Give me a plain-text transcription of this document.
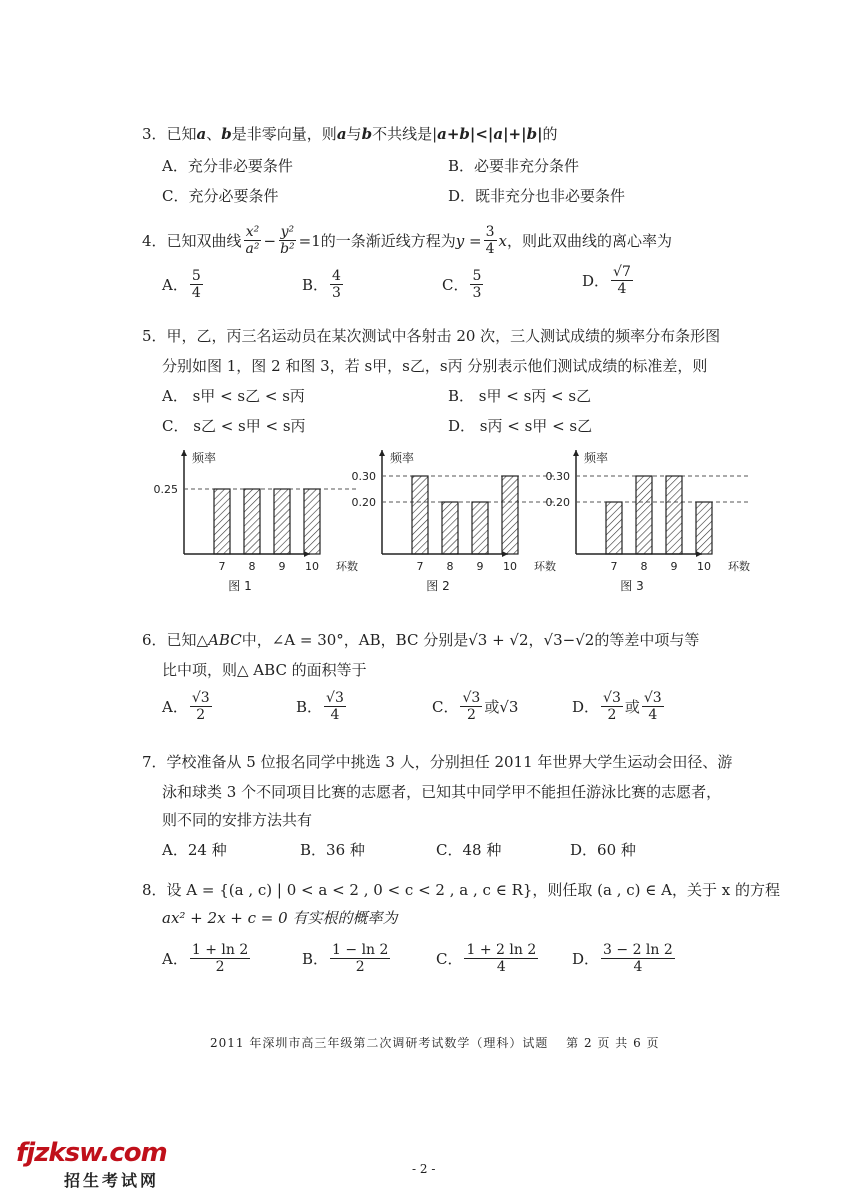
3．已知a、b是非零向量，则a与b不共线是|a+b|<|a|+|b|的
A．充分非必要条件	B．必要非充分条件
C．充分必要条件	D．既非充分也非必要条件
4．已知双曲线 $\frac{\text{x²}}{\text{a²}} - \frac{\text{y²}}{\text{b²}} =1$的一条渐近线方程为 $y = \frac{3}{4}$ x ，则此双曲线的离心率为
A． $\frac{5}{4}$	B． $\frac{4}{3}$	C． $\frac{5}{3}$	D． $\frac{√7}{4}$
5．甲，乙，丙三名运动员在某次测试中各射击 20 次，三人测试成绩的频率分布条形图
分别如图 1，图 2 和图 3，若 s甲，s乙，s丙 分别表示他们测试成绩的标准差，则
A． s甲 < s乙 < s丙	B． s甲 < s丙 < s乙
C． s乙 < s甲 < s丙	D． s丙 < s甲 < s乙
频率
0.25
7 8 9 10 环数
图 1
频率
0.30
0.20
7 8 9 10 环数
图 2
频率
0.30
0.20
7 8 9 10 环数
图 3
6．已知△ABC中，∠A = 30°，AB，BC 分别是√3 + √2，√3−√2的等差中项与等
比中项，则△ ABC 的面积等于
A． $\frac{√3}{2}$	B． $\frac{√3}{4}$	C． $\frac{√3}{2}$ 或 √3	D． $\frac{√3}{2}$ 或 $\frac{√3}{4}$
7．学校准备从 5 位报名同学中挑选 3 人，分别担任 2011 年世界大学生运动会田径、游
泳和球类 3 个不同项目比赛的志愿者，已知其中同学甲不能担任游泳比赛的志愿者，
则不同的安排方法共有
A．24 种	B．36 种	C．48 种	D．60 种
8．设 A = {(a , c) | 0 < a < 2 , 0 < c < 2 , a , c ∈ R}，则任取 (a , c) ∈ A，关于 x 的方程
ax² + 2x + c = 0 有实根的概率为
A． $\frac{1 + \ln 2}{2}$	B． $\frac{1 - \ln 2}{2}$	C． $\frac{1 + 2 \ln 2}{4}$ D． $\frac{3 - 2 \ln 2}{4}$
2011 年深圳市高三年级第二次调研考试数学（理科）试题　 第 2 页 共 6 页
fjzksw.com
招生考试网
- 2 -
